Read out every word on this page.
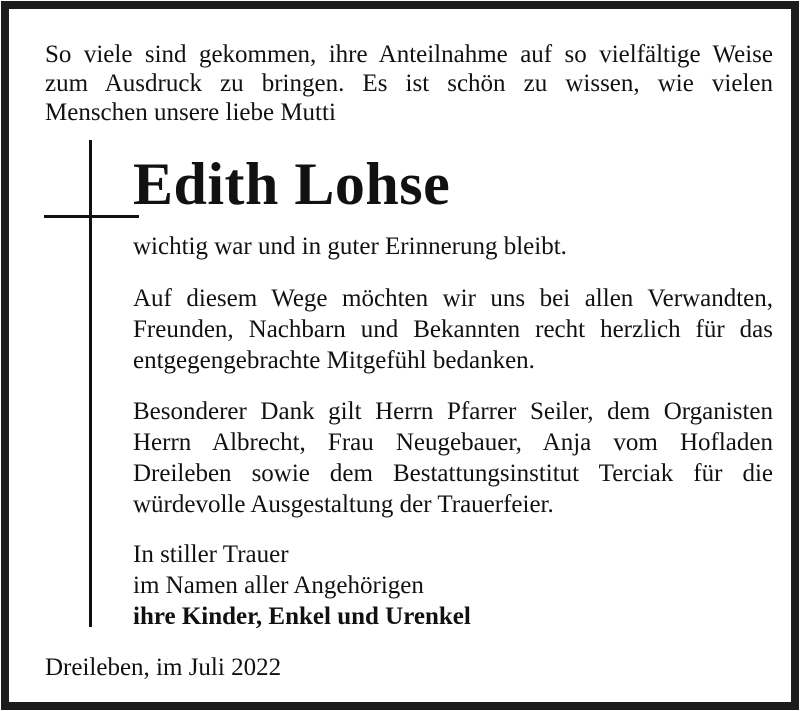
So viele sind gekommen, ihre Anteilnahme auf so vielfältige Weise
zum Ausdruck zu bringen. Es ist schön zu wissen, wie vielen
Menschen unsere liebe Mutti
Edith Lohse
wichtig war und in guter Erinnerung bleibt.
Auf diesem Wege möchten wir uns bei allen Verwandten,
Freunden, Nachbarn und Bekannten recht herzlich für das
entgegengebrachte Mitgefühl bedanken.
Besonderer Dank gilt Herrn Pfarrer Seiler, dem Organisten
Herrn Albrecht, Frau Neugebauer, Anja vom Hofladen
Dreileben sowie dem Bestattungsinstitut Terciak für die
würdevolle Ausgestaltung der Trauerfeier.
In stiller Trauer
im Namen aller Angehörigen
ihre Kinder, Enkel und Urenkel
Dreileben, im Juli 2022
